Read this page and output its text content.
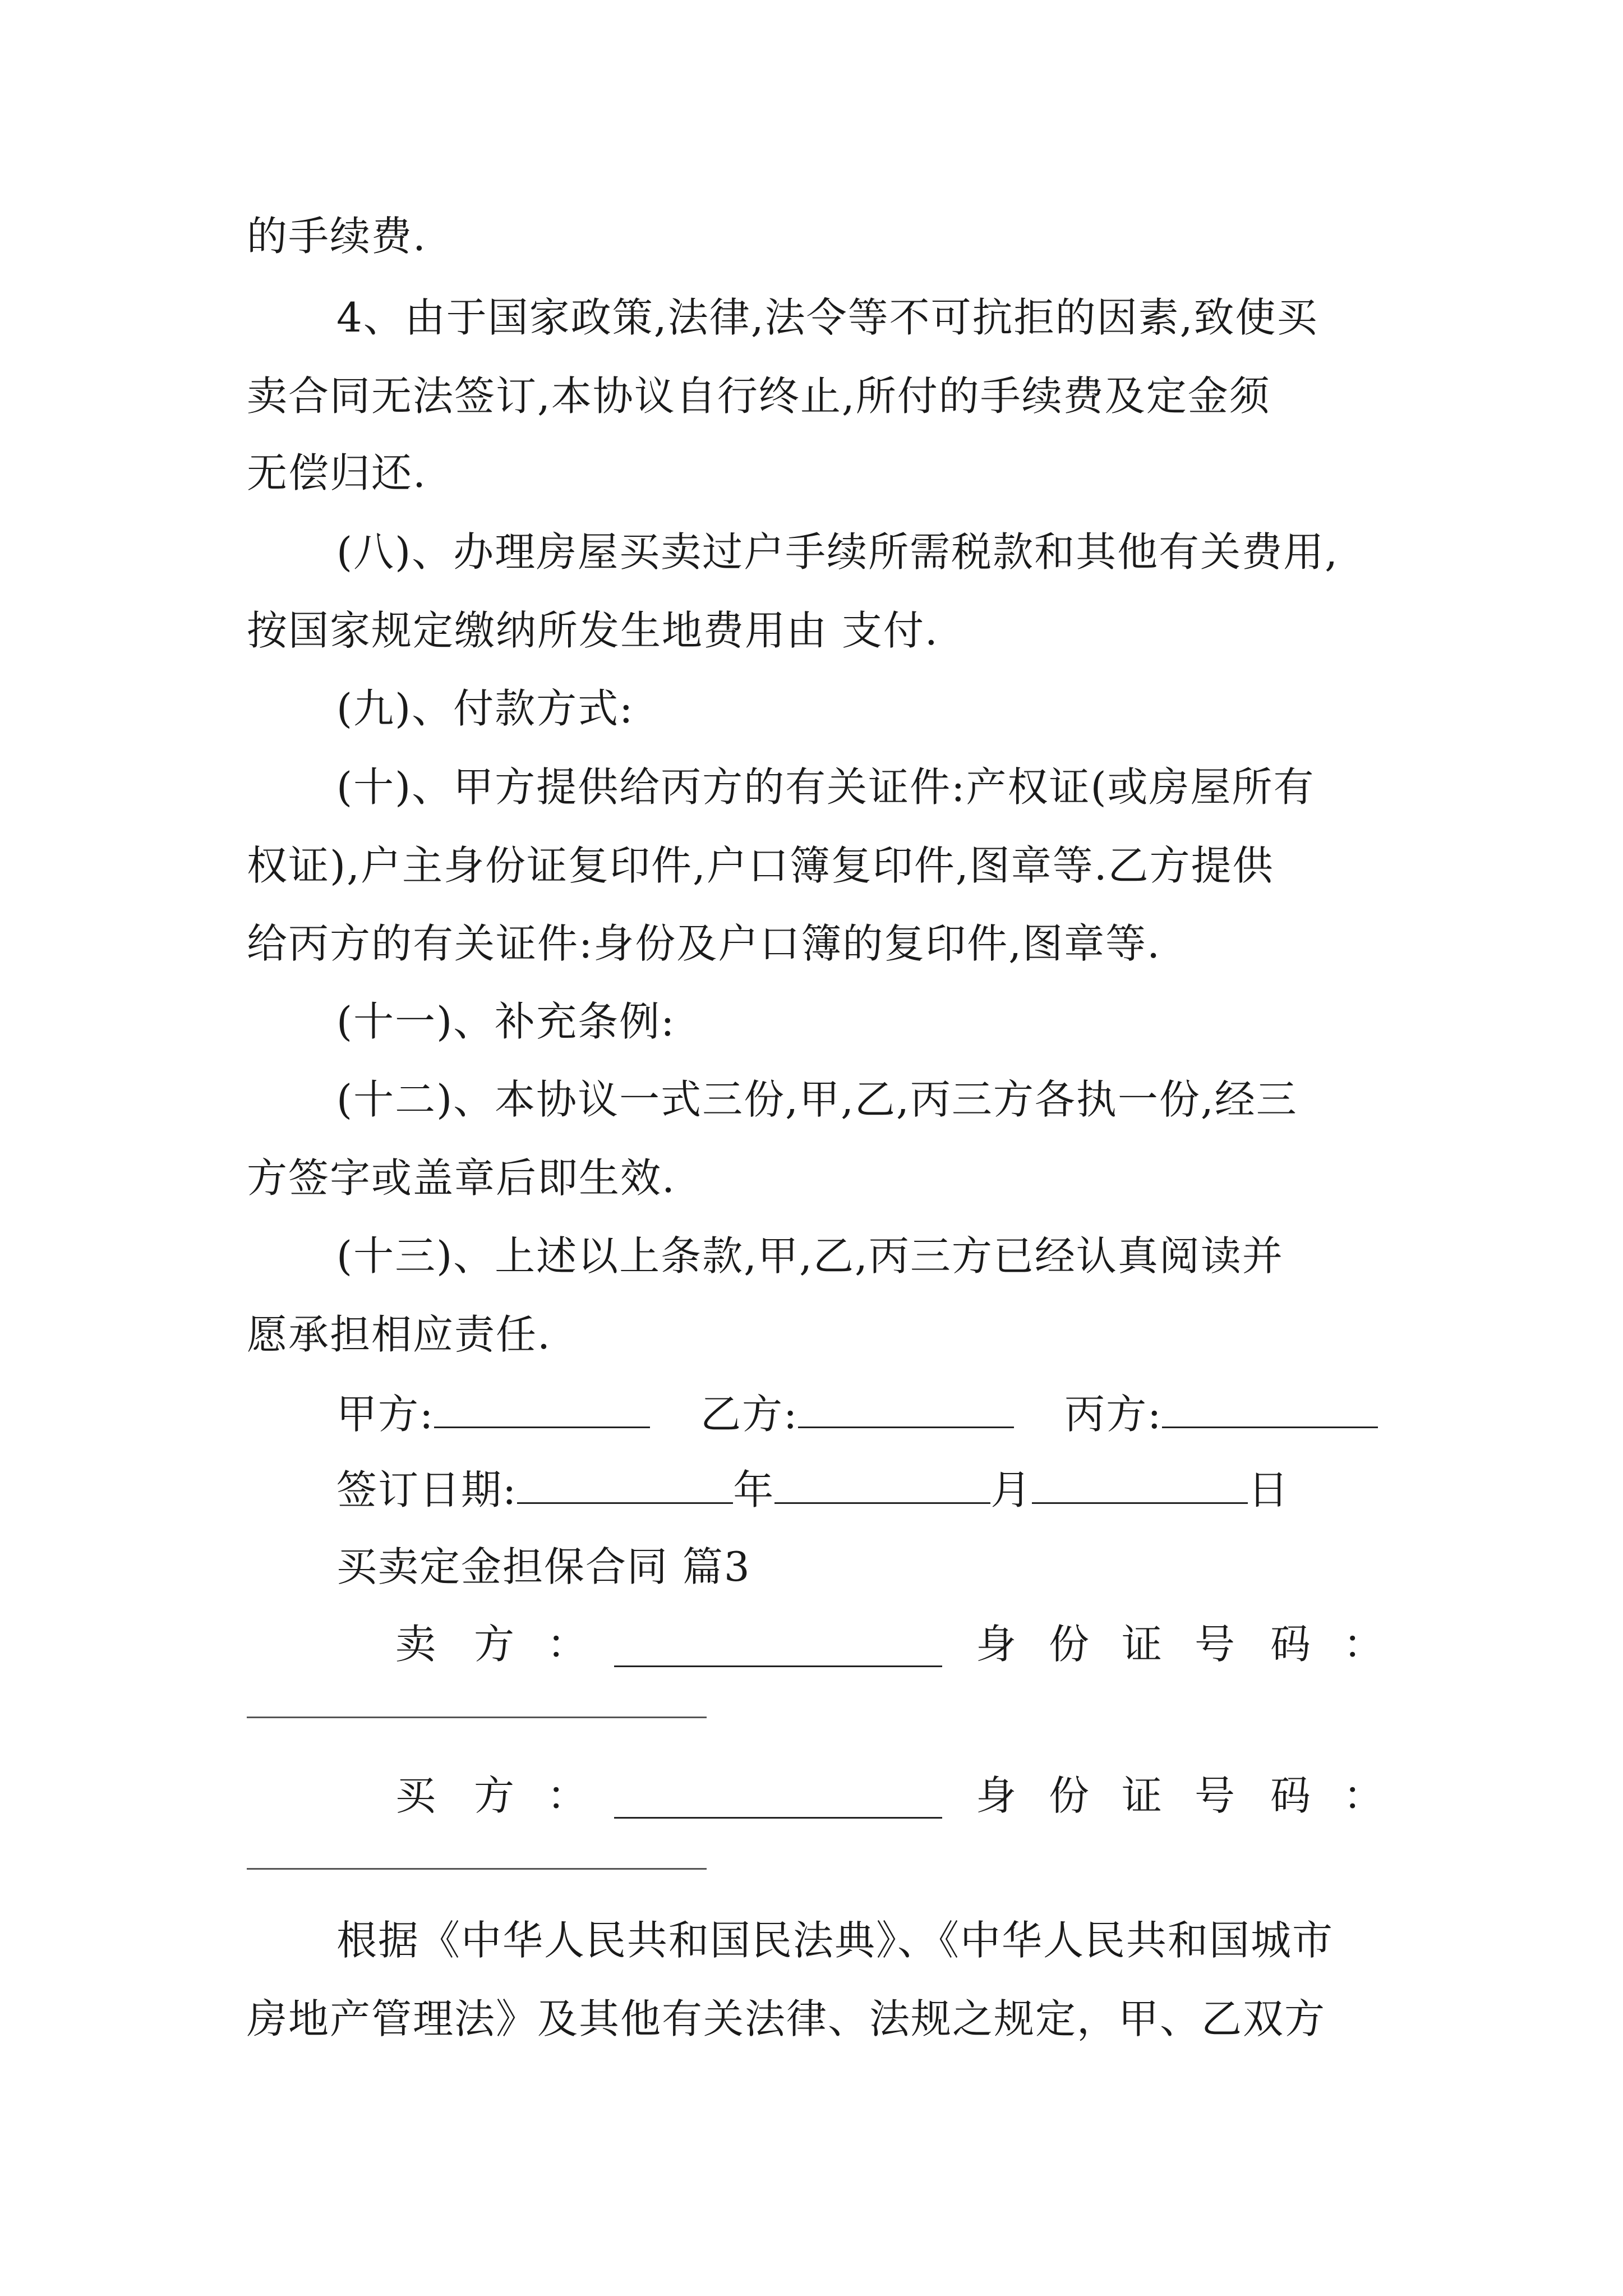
的手续费.
4、由于国家政策,法律,法令等不可抗拒的因素,致使买
卖合同无法签订,本协议自行终止,所付的手续费及定金须
无偿归还.
(八)、办理房屋买卖过户手续所需税款和其他有关费用,
按国家规定缴纳所发生地费用由 支付.
(九)、付款方式:
(十)、甲方提供给丙方的有关证件:产权证(或房屋所有
权证),户主身份证复印件,户口簿复印件,图章等.乙方提供
给丙方的有关证件:身份及户口簿的复印件,图章等.
(十一)、补充条例:
(十二)、本协议一式三份,甲,乙,丙三方各执一份,经三
方签字或盖章后即生效.
(十三)、上述以上条款,甲,乙,丙三方已经认真阅读并
愿承担相应责任.
甲方:	乙方:	丙方:
签订日期:	年	月	日
买卖定金担保合同 篇3
卖 方 ：	身 份 证 号 码 ：
买 方 ：	身 份 证 号 码 ：
根据《中华人民共和国民法典》、《中华人民共和国城市
房地产管理法》及其他有关法律、法规之规定，甲、乙双方
